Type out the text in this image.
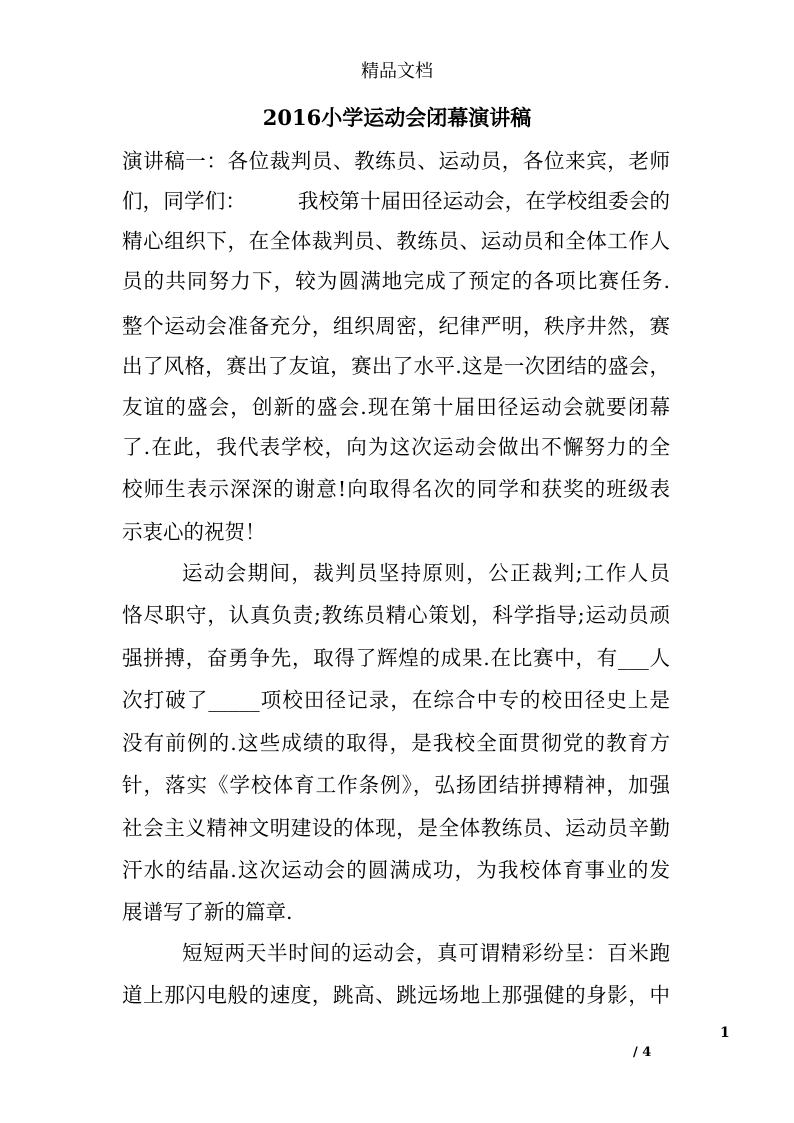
精品文档
2016小学运动会闭幕演讲稿
演讲稿一：各位裁判员、教练员、运动员，各位来宾，老师
们，同学们：　　　我校第十届田径运动会，在学校组委会的
精心组织下，在全体裁判员、教练员、运动员和全体工作人
员的共同努力下，较为圆满地完成了预定的各项比赛任务.
整个运动会准备充分，组织周密，纪律严明，秩序井然，赛
出了风格，赛出了友谊，赛出了水平.这是一次团结的盛会，
友谊的盛会，创新的盛会.现在第十届田径运动会就要闭幕
了.在此，我代表学校，向为这次运动会做出不懈努力的全
校师生表示深深的谢意!向取得名次的同学和获奖的班级表
示衷心的祝贺！
运动会期间，裁判员坚持原则，公正裁判;工作人员
恪尽职守，认真负责;教练员精心策划，科学指导;运动员顽
强拼搏，奋勇争先，取得了辉煌的成果.在比赛中，有___人
次打破了_____项校田径记录，在综合中专的校田径史上是
没有前例的.这些成绩的取得，是我校全面贯彻党的教育方
针，落实《学校体育工作条例》，弘扬团结拼搏精神，加强
社会主义精神文明建设的体现，是全体教练员、运动员辛勤
汗水的结晶.这次运动会的圆满成功，为我校体育事业的发
展谱写了新的篇章.
短短两天半时间的运动会，真可谓精彩纷呈：百米跑
道上那闪电般的速度，跳高、跳远场地上那强健的身影，中
1
/ 4
